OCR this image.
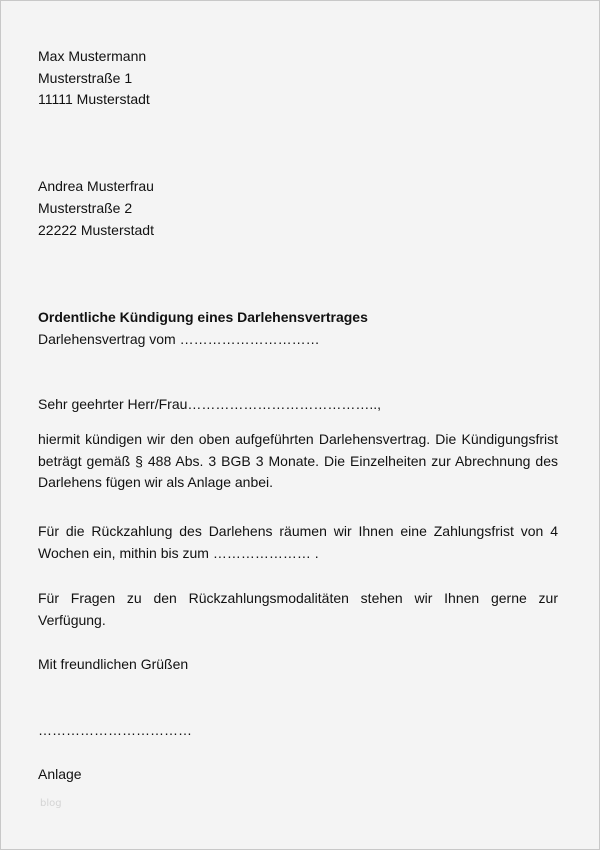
Max Mustermann
Musterstraße 1
11111 Musterstadt
Andrea Musterfrau
Musterstraße 2
22222 Musterstadt
Ordentliche Kündigung eines Darlehensvertrages
Darlehensvertrag vom …………………………
Sehr geehrter Herr/Frau…………………………………..,
hiermit kündigen wir den oben aufgeführten Darlehensvertrag. Die Kündigungsfrist beträgt gemäß § 488 Abs. 3 BGB 3 Monate. Die Einzelheiten zur Abrechnung des Darlehens fügen wir als Anlage anbei.
Für die Rückzahlung des Darlehens räumen wir Ihnen eine Zahlungsfrist von 4 Wochen ein, mithin bis zum ………………… .
Für Fragen zu den Rückzahlungsmodalitäten stehen wir Ihnen gerne zur Verfügung.
Mit freundlichen Grüßen
……………………………
Anlage
blog
